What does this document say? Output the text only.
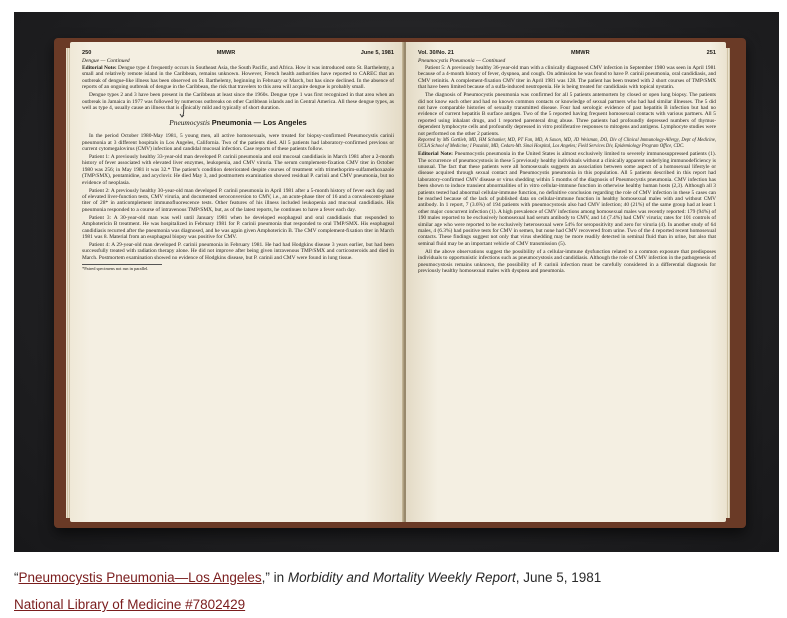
250	MMWR	June 5, 1981
Dengue — Continued

Editorial Note: Dengue type 4 frequently occurs in Southeast Asia, the South Pacific, and Africa. How it was introduced onto St. Barthelemy, a small and relatively remote island in the Caribbean, remains unknown. However, French health authorities have reported to CAREC that an outbreak of dengue-like illness has been observed on St. Barthelemy, beginning in February or March, but has since declined. In the absence of reports of an ongoing outbreak of dengue in the Caribbean, the risk that travelers to this area will acquire dengue is probably small.

Dengue types 2 and 3 have been present in the Caribbean at least since the 1960s. Dengue type 1 was first recognized in that area when an outbreak in Jamaica in 1977 was followed by numerous outbreaks on other Caribbean islands and in Central America. All these dengue types, as well as type 4, usually cause an illness that is clinically mild and typically of short duration.

Pneumocystis Pneumonia — Los Angeles

In the period October 1980-May 1981, 5 young men, all active homosexuals, were treated for biopsy-confirmed Pneumocystis carinii pneumonia at 3 different hospitals in Los Angeles, California. Two of the patients died. All 5 patients had laboratory-confirmed previous or current cytomegalovirus (CMV) infection and candidal mucosal infection. Case reports of these patients follow.

Patient 1: A previously healthy 33-year-old man developed P. carinii pneumonia and oral mucosal candidiasis in March 1981 after a 2-month history of fever associated with elevated liver enzymes, leukopenia, and CMV viruria. The serum complement-fixation CMV titer in October 1980 was 256; in May 1981 it was 32.* The patient's condition deteriorated despite courses of treatment with trimethoprim-sulfamethoxazole (TMP/SMX), pentamidine, and acyclovir. He died May 3, and postmortem examination showed residual P. carinii and CMV pneumonia, but no evidence of neoplasia.

Patient 2: A previously healthy 30-year-old man developed P. carinii pneumonia in April 1981 after a 5-month history of fever each day and of elevated liver-function tests, CMV viruria, and documented seroconversion to CMV, i.e., an acute-phase titer of 16 and a convalescent-phase titer of 28* in anticomplement immunofluorescence tests. Other features of his illness included leukopenia and mucosal candidiasis. His pneumonia responded to a course of intravenous TMP/SMX, but, as of the latest reports, he continues to have a fever each day.

Patient 3: A 30-year-old man was well until January 1981 when he developed esophageal and oral candidiasis that responded to Amphotericin B treatment. He was hospitalized in February 1981 for P. carinii pneumonia that responded to oral TMP/SMX. His esophageal candidiasis recurred after the pneumonia was diagnosed, and he was again given Amphotericin B. The CMV complement-fixation titer in March 1981 was 8. Material from an esophageal biopsy was positive for CMV.

Patient 4: A 29-year-old man developed P. carinii pneumonia in February 1981. He had had Hodgkins disease 3 years earlier, but had been successfully treated with radiation therapy alone. He did not improve after being given intravenous TMP/SMX and corticosteroids and died in March. Postmortem examination showed no evidence of Hodgkins disease, but P. carinii and CMV were found in lung tissue.

*Paired specimens not run in parallel.
Vol. 30/No. 21	MMWR	251
Pneumocystis Pneumonia — Continued

Patient 5: A previously healthy 36-year-old man with a clinically diagnosed CMV infection in September 1980 was seen in April 1981 because of a 4-month history of fever, dyspnea, and cough. On admission he was found to have P. carinii pneumonia, oral candidiasis, and CMV retinitis. A complement-fixation CMV titer in April 1981 was 128. The patient has been treated with 2 short courses of TMP/SMX that have been limited because of a sulfa-induced neutropenia. He is being treated for candidiasis with topical nystatin.

The diagnosis of Pneumocystis pneumonia was confirmed for all 5 patients antemortem by closed or open lung biopsy. The patients did not know each other and had no known common contacts or knowledge of sexual partners who had had similar illnesses. The 5 did not have comparable histories of sexually transmitted disease. Four had serologic evidence of past hepatitis B infection but had no evidence of current hepatitis B surface antigen. Two of the 5 reported having frequent homosexual contacts with various partners. All 5 reported using inhalant drugs, and 1 reported parenteral drug abuse. Three patients had profoundly depressed numbers of thymus-dependent lymphocyte cells and profoundly depressed in vitro proliferative responses to mitogens and antigens. Lymphocyte studies were not performed on the other 2 patients.

Reported by MS Gottlieb, MD, HM Schanker, MD, PT Fan, MD, A Saxon, MD, JD Weisman, DO, Div of Clinical Immunology-Allergy, Dept of Medicine, UCLA School of Medicine; I Pozalski, MD, Cedars-Mt. Sinai Hospital, Los Angeles; Field Services Div, Epidemiology Program Office, CDC.

Editorial Note: Pneumocystis pneumonia in the United States is almost exclusively limited to severely immunosuppressed patients (1). The occurrence of pneumocystosis in these 5 previously healthy individuals without a clinically apparent underlying immunodeficiency is unusual. The fact that these patients were all homosexuals suggests an association between some aspect of a homosexual lifestyle or disease acquired through sexual contact and Pneumocystis pneumonia in this population. All 5 patients described in this report had laboratory-confirmed CMV disease or virus shedding within 5 months of the diagnosis of Pneumocystis pneumonia. CMV infection has been shown to induce transient abnormalities of in vitro cellular-immune function in otherwise healthy human hosts (2,3). Although all 3 patients tested had abnormal cellular-immune function, no definitive conclusion regarding the role of CMV infection in these 5 cases can be reached because of the lack of published data on cellular-immune function in healthy homosexual males with and without CMV antibody. In 1 report, 7 (3.6%) of 194 patients with pneumocystosis also had CMV infection; 40 (21%) of the same group had at least 1 other major concurrent infection (1). A high prevalence of CMV infections among homosexual males was recently reported: 179 (94%) of 190 males reported to be exclusively homosexual had serum antibody to CMV, and 14 (7.4%) had CMV viruria; rates for 101 controls of similar age who were reported to be exclusively heterosexual were 54% for seropositivity and zero for viruria (4). In another study of 64 males, 4 (6.3%) had positive tests for CMV in semen, but none had CMV recovered from urine. Two of the 4 reported recent homosexual contacts. These findings suggest not only that virus shedding may be more readily detected in seminal fluid than in urine, but also that seminal fluid may be an important vehicle of CMV transmission (5).

All the above observations suggest the possibility of a cellular-immune dysfunction related to a common exposure that predisposes individuals to opportunistic infections such as pneumocystosis and candidiasis. Although the role of CMV infection in the pathogenesis of pneumocystosis remains unknown, the possibility of P. carinii infection must be carefully considered in a differential diagnosis for previously healthy homosexual males with dyspnea and pneumonia.

“Pneumocystis Pneumonia—Los Angeles,” in Morbidity and Mortality Weekly Report, June 5, 1981
National Library of Medicine #7802429
